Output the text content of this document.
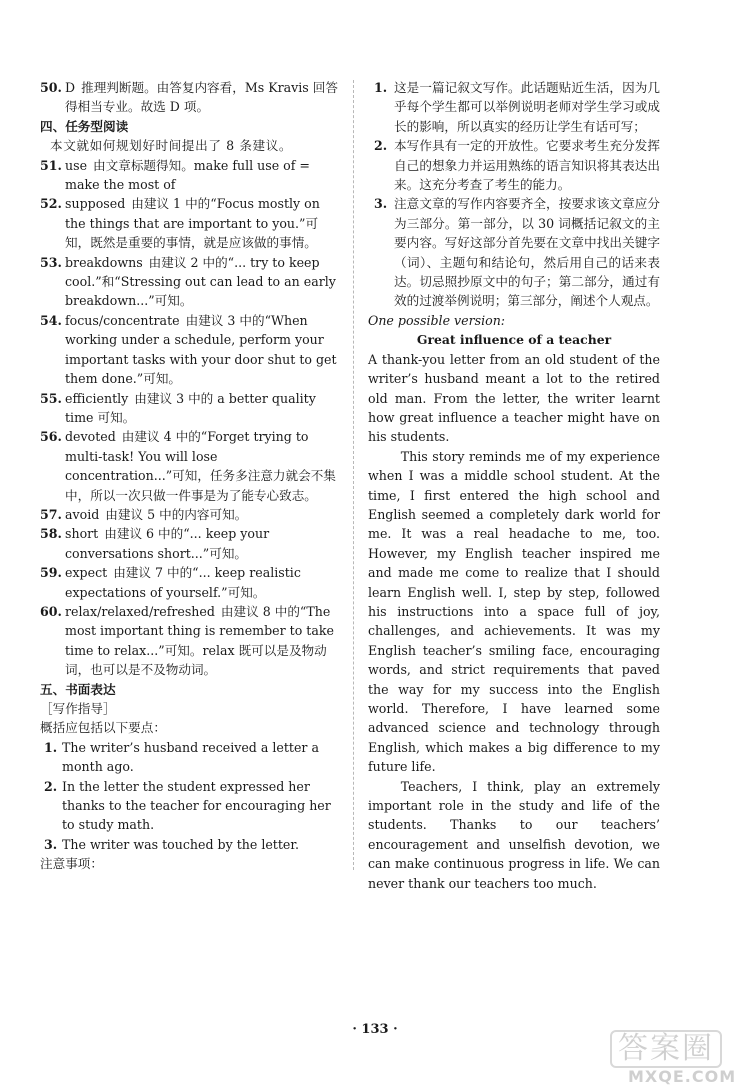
50. D 推理判断题。由答复内容看，Ms Kravis 回答得相当专业。故选 D 项。

四、任务型阅读

本文就如何规划好时间提出了 8 条建议。

51. use 由文章标题得知。make full use of = make the most of

52. supposed 由建议 1 中的“Focus mostly on the things that are important to you.”可知，既然是重要的事情，就是应该做的事情。

53. breakdowns 由建议 2 中的“... try to keep cool.”和“Stressing out can lead to an early breakdown...”可知。

54. focus/concentrate 由建议 3 中的“When working under a schedule, perform your important tasks with your door shut to get them done.”可知。

55. efficiently 由建议 3 中的 a better quality time 可知。

56. devoted 由建议 4 中的“Forget trying to multi-task! You will lose concentration...”可知，任务多注意力就会不集中，所以一次只做一件事是为了能专心致志。

57. avoid 由建议 5 中的内容可知。

58. short 由建议 6 中的“... keep your conversations short...”可知。

59. expect 由建议 7 中的“... keep realistic expectations of yourself.”可知。

60. relax/relaxed/refreshed 由建议 8 中的“The most important thing is remember to take time to relax...”可知。relax 既可以是及物动词，也可以是不及物动词。

五、书面表达

［写作指导］

概括应包括以下要点：

1. The writer’s husband received a letter a month ago.

2. In the letter the student expressed her thanks to the teacher for encouraging her to study math.

3. The writer was touched by the letter.

注意事项：

1. 这是一篇记叙文写作。此话题贴近生活，因为几乎每个学生都可以举例说明老师对学生学习或成长的影响，所以真实的经历让学生有话可写；

2. 本写作具有一定的开放性。它要求考生充分发挥自己的想象力并运用熟练的语言知识将其表达出来。这充分考查了考生的能力。

3. 注意文章的写作内容要齐全，按要求该文章应分为三部分。第一部分，以 30 词概括记叙文的主要内容。写好这部分首先要在文章中找出关键字（词）、主题句和结论句，然后用自己的话来表达。切忌照抄原文中的句子；第二部分，通过有效的过渡举例说明；第三部分，阐述个人观点。

One possible version:

Great influence of a teacher

A thank-you letter from an old student of the writer’s husband meant a lot to the retired old man. From the letter, the writer learnt how great influence a teacher might have on his students.

This story reminds me of my experience when I was a middle school student. At the time, I first entered the high school and English seemed a completely dark world for me. It was a real headache to me, too. However, my English teacher inspired me and made me come to realize that I should learn English well. I, step by step, followed his instructions into a space full of joy, challenges, and achievements. It was my English teacher’s smiling face, encouraging words, and strict requirements that paved the way for my success into the English world. Therefore, I have learned some advanced science and technology through English, which makes a big difference to my future life.

Teachers, I think, play an extremely important role in the study and life of the students. Thanks to our teachers’ encouragement and unselfish devotion, we can make continuous progress in life. We can never thank our teachers too much.

· 133 ·
答案圈
MXQE.COM
